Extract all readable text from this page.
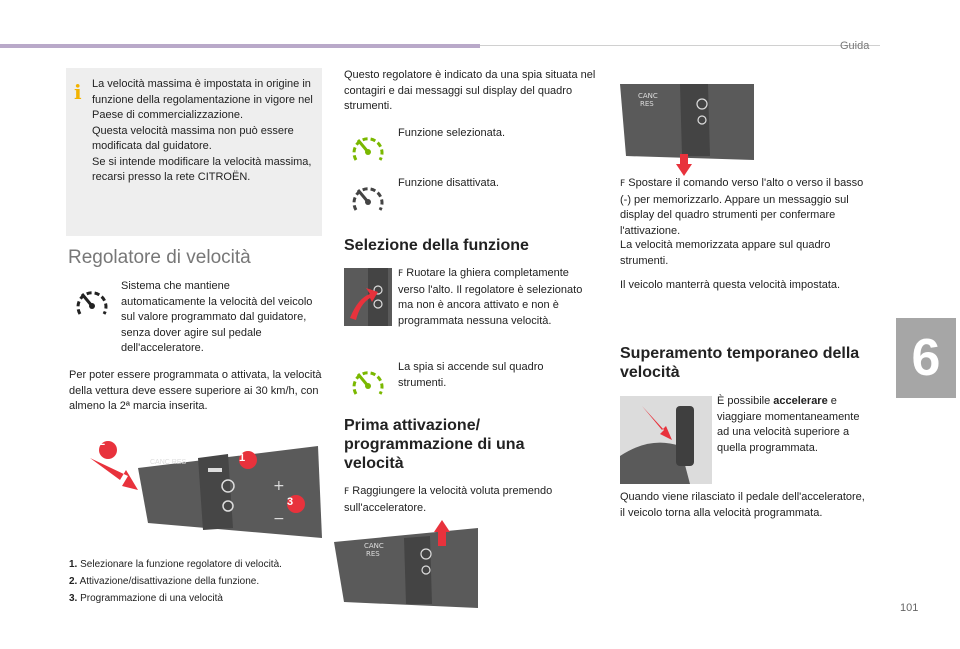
Guida
6
101
i La velocità massima è impostata in origine in funzione della regolamentazione in vigore nel Paese di commercializzazione.
Questa velocità massima non può essere modificata dal guidatore.
Se si intende modificare la velocità massima, recarsi presso la rete CITROËN.
Regolatore di velocità
Sistema che mantiene automaticamente la velocità del veicolo sul valore programmato dal guidatore, senza dover agire sul pedale dell'acceleratore.
Per poter essere programmata o attivata, la velocità della vettura deve essere superiore ai 30 km/h, con almeno la 2ª marcia inserita.
+
−
2
1
3
CANC RES
1. Selezionare la funzione regolatore di velocità.
2. Attivazione/disattivazione della funzione.
3. Programmazione di una velocità
Questo regolatore è indicato da una spia situata nel contagiri e dai messaggi sul display del quadro strumenti.
Funzione selezionata.
Funzione disattivata.
Selezione della funzione
F Ruotare la ghiera completamente verso l'alto. Il regolatore è selezionato ma non è ancora attivato e non è programmata nessuna velocità.
La spia si accende sul quadro strumenti.
Prima attivazione/ programmazione di una velocità
F Raggiungere la velocità voluta premendo sull'acceleratore.
CANC
RES
CANC
RES
F Spostare il comando verso l'alto o verso il basso (-) per memorizzarlo. Appare un messaggio sul display del quadro strumenti per confermare l'attivazione.
La velocità memorizzata appare sul quadro strumenti.
Il veicolo manterrà questa velocità impostata.
Superamento temporaneo della velocità
È possibile accelerare e viaggiare momentaneamente ad una velocità superiore a quella programmata.
Quando viene rilasciato il pedale dell'acceleratore, il veicolo torna alla velocità programmata.
